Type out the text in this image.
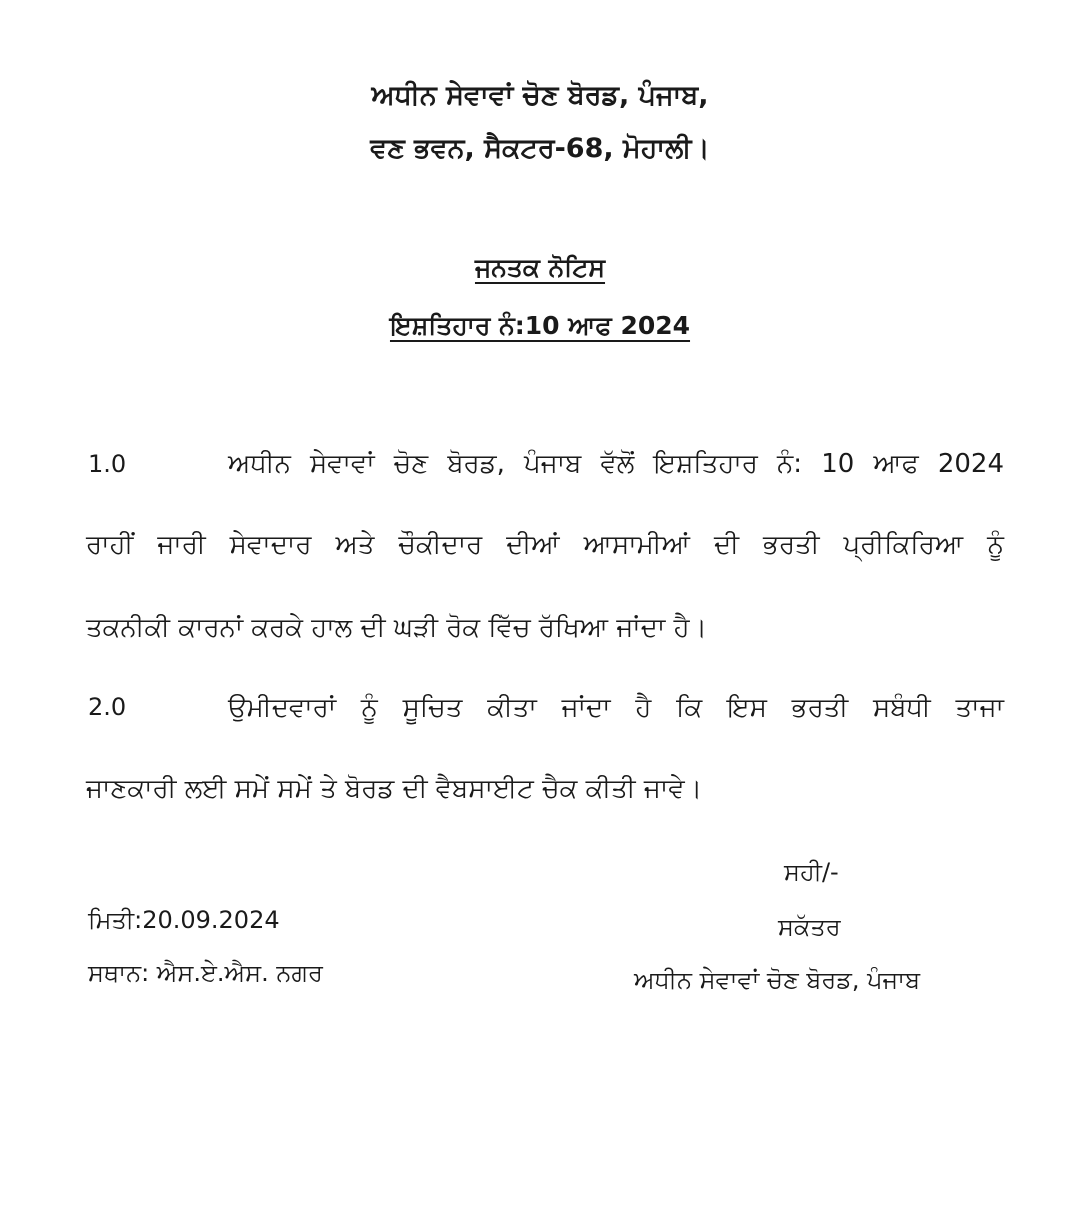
ਅਧੀਨ ਸੇਵਾਵਾਂ ਚੋਣ ਬੋਰਡ, ਪੰਜਾਬ,
ਵਣ ਭਵਨ, ਸੈਕਟਰ-68, ਮੋਹਾਲੀ।
ਜਨਤਕ ਨੋਟਿਸ
ਇਸ਼ਤਿਹਾਰ ਨੰ:10 ਆਫ 2024
1.0	ਅਧੀਨ ਸੇਵਾਵਾਂ ਚੋਣ ਬੋਰਡ, ਪੰਜਾਬ ਵੱਲੋਂ ਇਸ਼ਤਿਹਾਰ ਨੰ: 10 ਆਫ 2024
ਰਾਹੀਂ ਜਾਰੀ ਸੇਵਾਦਾਰ ਅਤੇ ਚੌਕੀਦਾਰ ਦੀਆਂ ਆਸਾਮੀਆਂ ਦੀ ਭਰਤੀ ਪ੍ਰੀਕਿਰਿਆ ਨੂੰ
ਤਕਨੀਕੀ ਕਾਰਨਾਂ ਕਰਕੇ ਹਾਲ ਦੀ ਘੜੀ ਰੋਕ ਵਿੱਚ ਰੱਖਿਆ ਜਾਂਦਾ ਹੈ।
2.0	ਉਮੀਦਵਾਰਾਂ ਨੂੰ ਸੂਚਿਤ ਕੀਤਾ ਜਾਂਦਾ ਹੈ ਕਿ ਇਸ ਭਰਤੀ ਸਬੰਧੀ ਤਾਜਾ
ਜਾਣਕਾਰੀ ਲਈ ਸਮੇਂ ਸਮੇਂ ਤੇ ਬੋਰਡ ਦੀ ਵੈਬਸਾਈਟ ਚੈਕ ਕੀਤੀ ਜਾਵੇ।
ਸਹੀ/-
ਸਕੱਤਰ
ਅਧੀਨ ਸੇਵਾਵਾਂ ਚੋਣ ਬੋਰਡ, ਪੰਜਾਬ
ਮਿਤੀ:20.09.2024
ਸਥਾਨ: ਐਸ.ਏ.ਐਸ. ਨਗਰ
